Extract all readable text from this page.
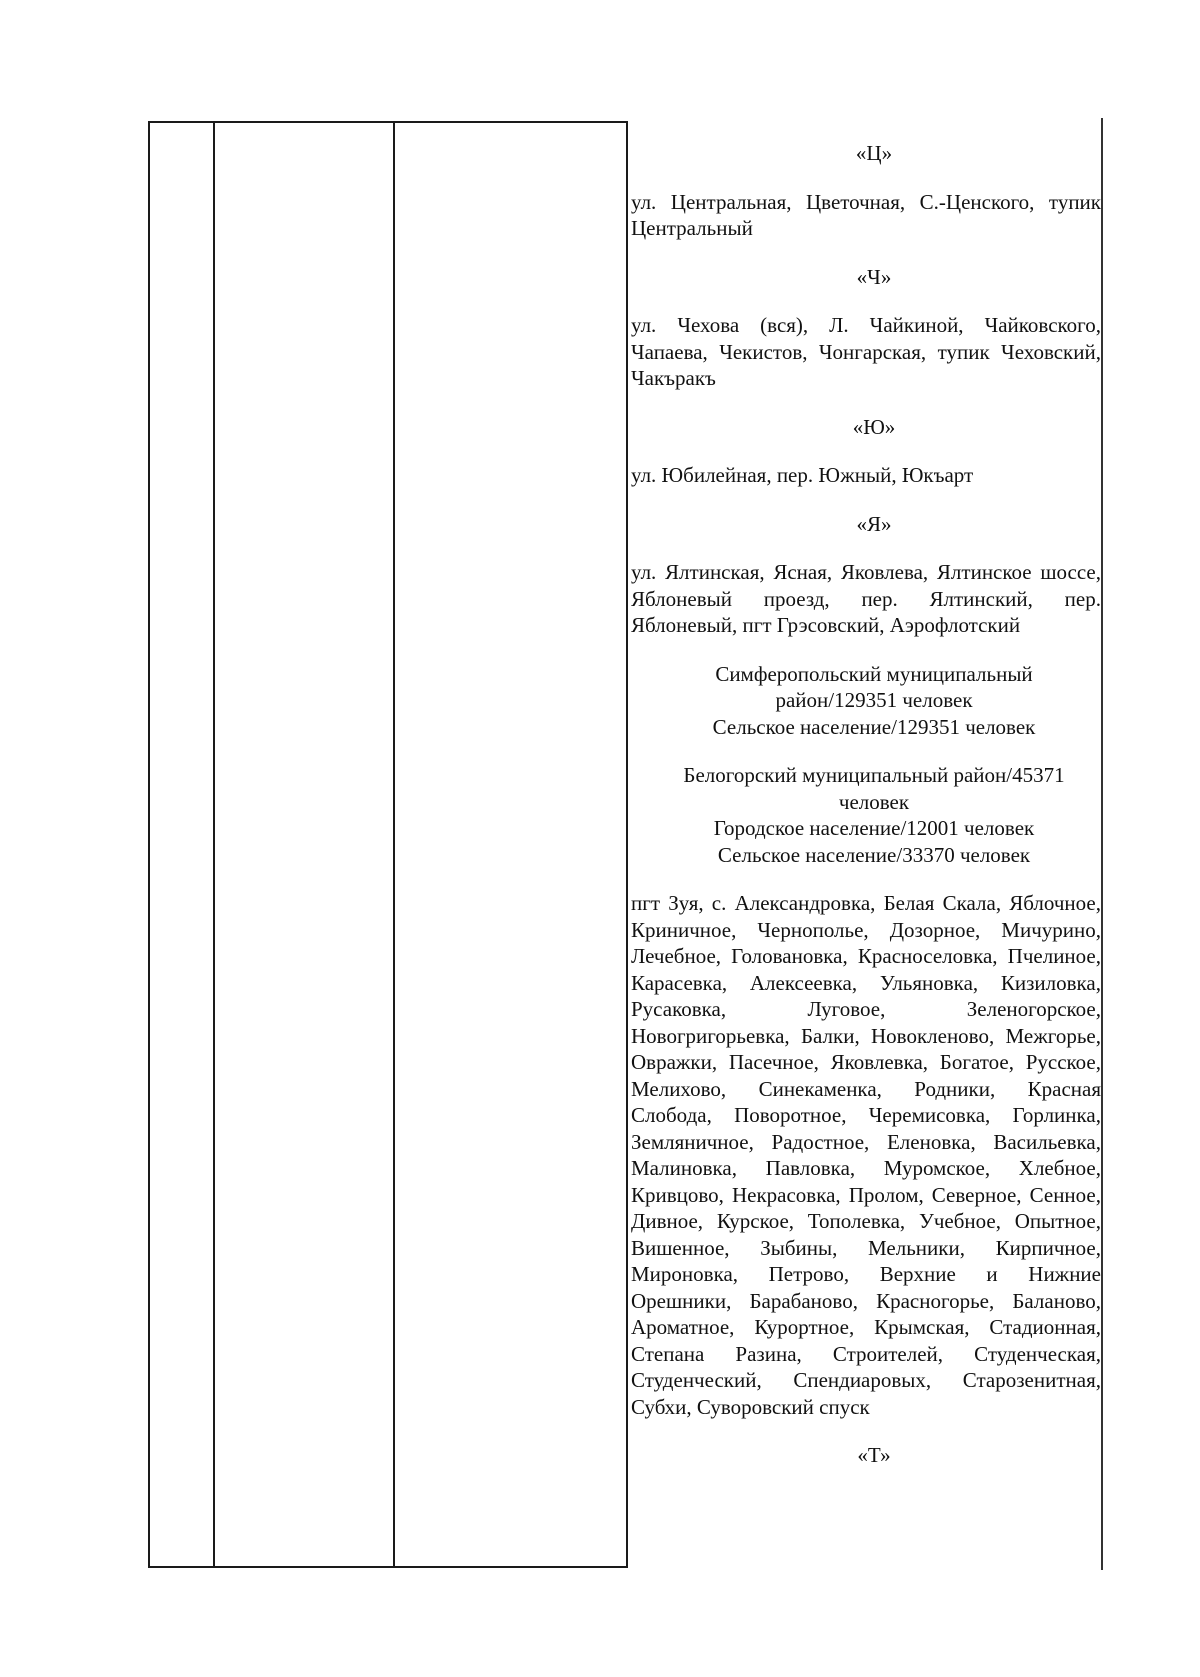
«Ц»
ул. Центральная, Цветочная, С.-Ценского, тупик Центральный
«Ч»
ул. Чехова (вся), Л. Чайкиной, Чайковского, Чапаева, Чекистов, Чонгарская, тупик Чеховский, Чакъракъ
«Ю»
ул. Юбилейная, пер. Южный, Юкъарт
«Я»
ул. Ялтинская, Ясная, Яковлева, Ялтинское шоссе, Яблоневый проезд, пер. Ялтинский, пер. Яблоневый, пгт Грэсовский, Аэрофлотский
Симферопольский муниципальный
район/129351 человек
Сельское население/129351 человек
Белогорский муниципальный район/45371
человек
Городское население/12001 человек
Сельское население/33370 человек
пгт Зуя, с. Александровка, Белая Скала, Яблочное, Криничное, Чернополье, Дозорное, Мичурино, Лечебное, Головановка, Красноселовка, Пчелиное, Карасевка, Алексеевка, Ульяновка, Кизиловка, Русаковка, Луговое, Зеленогорское, Новогригорьевка, Балки, Новокленово, Межгорье, Овражки, Пасечное, Яковлевка, Богатое, Русское, Мелихово, Синекаменка, Родники, Красная Слобода, Поворотное, Черемисовка, Горлинка, Земляничное, Радостное, Еленовка, Васильевка, Малиновка, Павловка, Муромское, Хлебное, Кривцово, Некрасовка, Пролом, Северное, Сенное, Дивное, Курское, Тополевка, Учебное, Опытное, Вишенное, Зыбины, Мельники, Кирпичное, Мироновка, Петрово, Верхние и Нижние Орешники, Барабаново, Красногорье, Баланово, Ароматное, Курортное, Крымская, Стадионная, Степана Разина, Строителей, Студенческая, Студенческий, Спендиаровых, Старозенитная, Субхи, Суворовский спуск
«Т»
